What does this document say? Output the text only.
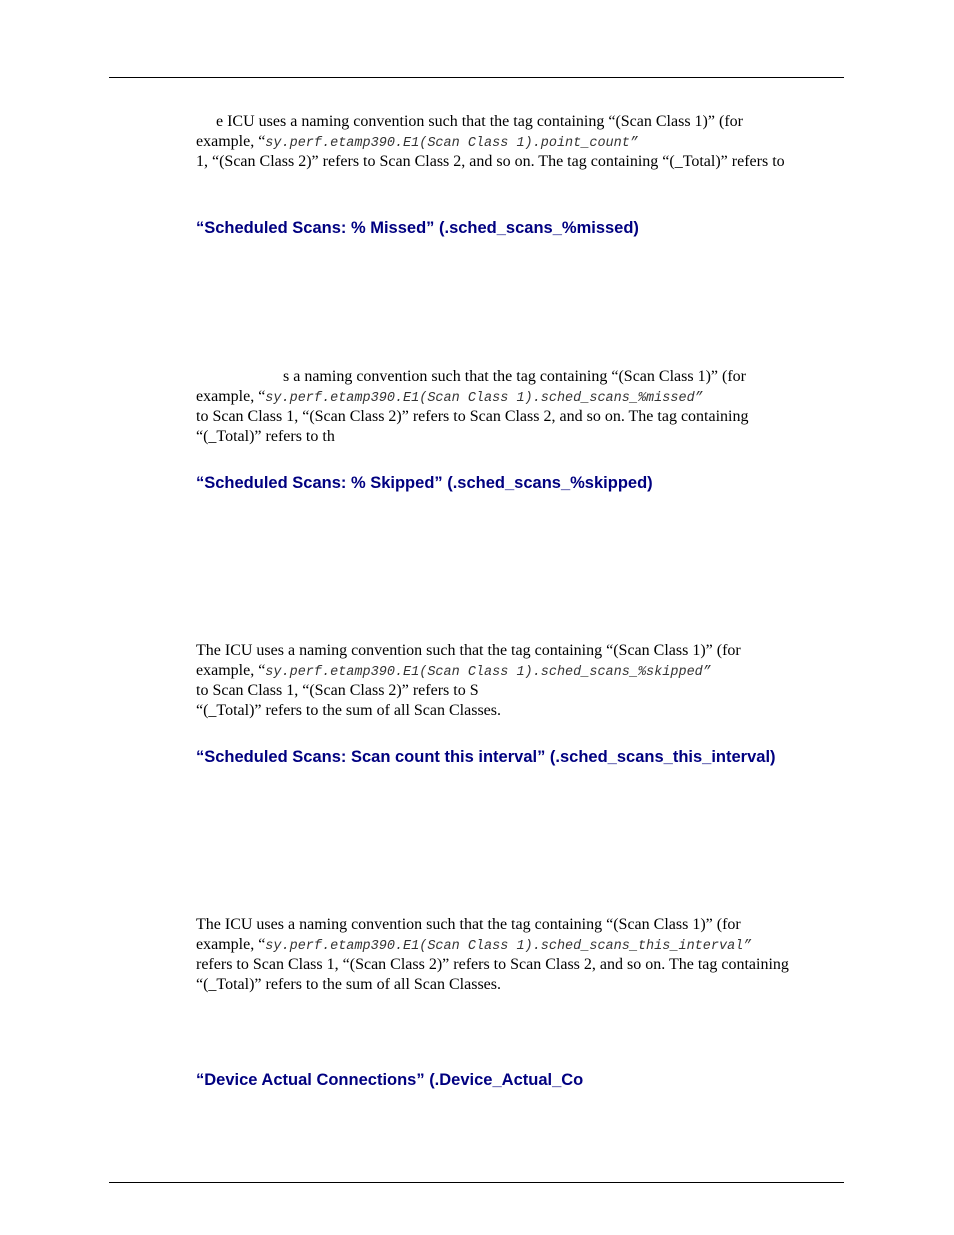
e ICU uses a naming convention such that the tag containing “(Scan Class 1)” (for
example, “sy.perf.etamp390.E1(Scan Class 1).point_count”
1, “(Scan Class 2)” refers to Scan Class 2, and so on. The tag containing “(_Total)” refers to
“Scheduled Scans: % Missed” (.sched_scans_%missed)
s a naming convention such that the tag containing “(Scan Class 1)” (for
example, “sy.perf.etamp390.E1(Scan Class 1).sched_scans_%missed”
to Scan Class 1, “(Scan Class 2)” refers to Scan Class 2, and so on. The tag containing
“(_Total)” refers to th
“Scheduled Scans: % Skipped” (.sched_scans_%skipped)
The ICU uses a naming convention such that the tag containing “(Scan Class 1)” (for
example, “sy.perf.etamp390.E1(Scan Class 1).sched_scans_%skipped”
to Scan Class 1, “(Scan Class 2)” refers to S
“(_Total)” refers to the sum of all Scan Classes.
“Scheduled Scans: Scan count this interval” (.sched_scans_this_interval)
The ICU uses a naming convention such that the tag containing “(Scan Class 1)” (for
example, “sy.perf.etamp390.E1(Scan Class 1).sched_scans_this_interval”
refers to Scan Class 1, “(Scan Class 2)” refers to Scan Class 2, and so on. The tag containing
“(_Total)” refers to the sum of all Scan Classes.
“Device Actual Connections” (.Device_Actual_Co
